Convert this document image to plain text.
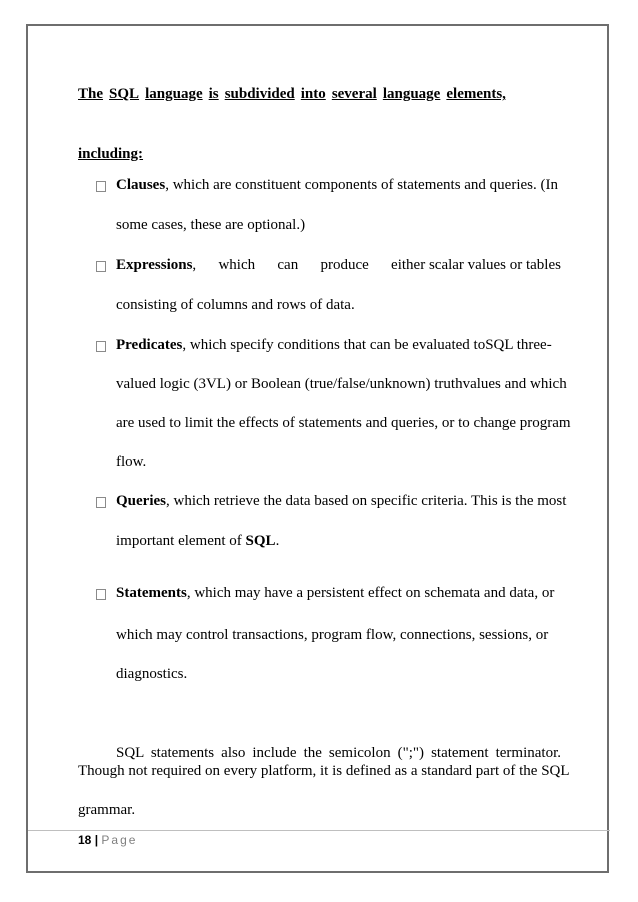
The SQL language is subdivided into several language elements,
including:
Clauses, which are constituent components of statements and queries. (In
some cases, these are optional.)
Expressions, which can produce either scalar values or tables
consisting of columns and rows of data.
Predicates, which specify conditions that can be evaluated toSQL three-
valued logic (3VL) or Boolean (true/false/unknown) truthvalues and which
are used to limit the effects of statements and queries, or to change program
flow.
Queries, which retrieve the data based on specific criteria. This is the most
important element of SQL.
Statements , which may have a persistent effect on schemata and data, or
which may control transactions, program flow, connections, sessions, or
diagnostics.
SQL statements also include the semicolon (";") statement terminator.
Though not required on every platform, it is defined as a standard part of the SQL
grammar.
18 | Page
